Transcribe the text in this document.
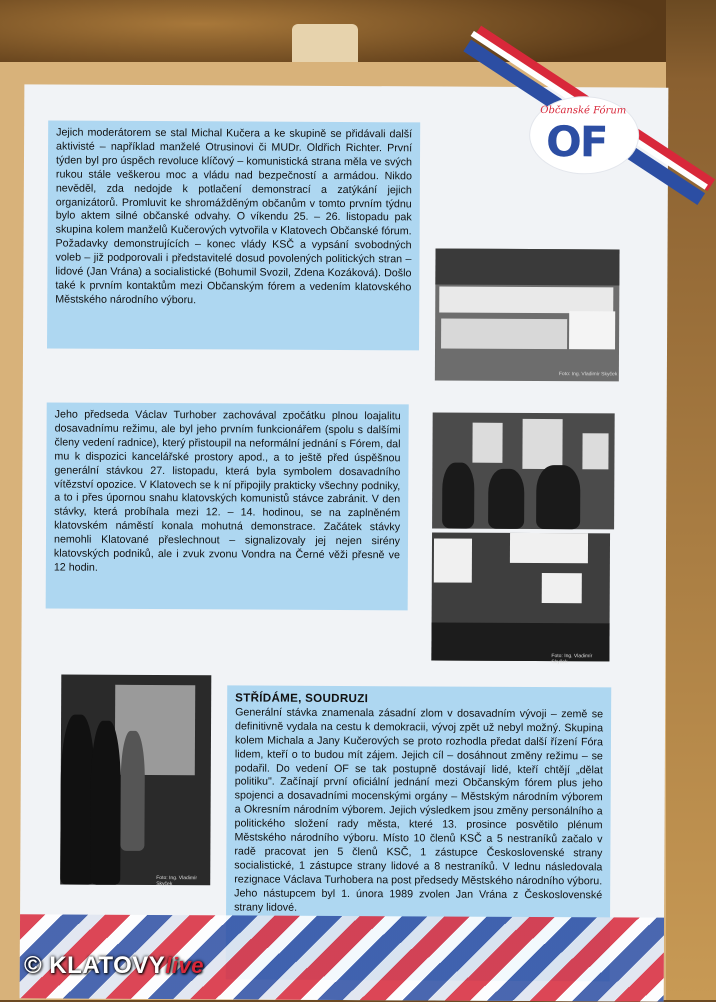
Občanské Fórum
OF
Jejich moderátorem se stal Michal Kučera a ke skupině se přidávali další aktivisté – například manželé Otrusinovi či MUDr. Oldřich Richter. První týden byl pro úspěch revoluce klíčový – komunistická strana měla ve svých rukou stále veškerou moc a vládu nad bezpečností a armádou. Nikdo nevěděl, zda nedojde k potlačení demonstrací a zatýkání jejich organizátorů. Promluvit ke shromážděným občanům v tomto prvním týdnu bylo aktem silné občanské odvahy. O víkendu 25. – 26. listopadu pak skupina kolem manželů Kučerových vytvořila v Klatovech Občanské fórum. Požadavky demonstrujících – konec vlády KSČ a vypsání svobodných voleb – již podporovali i představitelé dosud povolených politických stran – lidové (Jan Vrána) a socialistické (Bohumil Svozil, Zdena Kozáková). Došlo také k prvním kontaktům mezi Občanským fórem a vedením klatovského Městského národního výboru.
Foto: Ing. Vladimír Skyček
Jeho předseda Václav Turhober zachovával zpočátku plnou loajalitu dosavadnímu režimu, ale byl jeho prvním funkcionářem (spolu s dalšími členy vedení radnice), který přistoupil na neformální jednání s Fórem, dal mu k dispozici kancelářské prostory apod., a to ještě před úspěšnou generální stávkou 27. listopadu, která byla symbolem dosavadního vítězství opozice. V Klatovech se k ní připojily prakticky všechny podniky, a to i přes úpornou snahu klatovských komunistů stávce zabránit. V den stávky, která probíhala mezi 12. – 14. hodinou, se na zaplněném klatovském náměstí konala mohutná demonstrace. Začátek stávky nemohli Klatované přeslechnout – signalizovaly jej nejen sirény klatovských podniků, ale i zvuk zvonu Vondra na Černé věži přesně ve 12 hodin.
Foto: Ing. Vladimír Skyček
Foto: Ing. Vladimír Skyček
STŘÍDÁME, SOUDRUZI
Generální stávka znamenala zásadní zlom v dosavadním vývoji – země se definitivně vydala na cestu k demokracii, vývoj zpět už nebyl možný. Skupina kolem Michala a Jany Kučerových se proto rozhodla předat další řízení Fóra lidem, kteří o to budou mít zájem. Jejich cíl – dosáhnout změny režimu – se podařil. Do vedení OF se tak postupně dostávají lidé, kteří chtějí „dělat politiku". Začínají první oficiální jednání mezi Občanským fórem plus jeho spojenci a dosavadními mocenskými orgány – Městským národním výborem a Okresním národním výborem. Jejich výsledkem jsou změny personálního a politického složení rady města, které 13. prosince posvětilo plénum Městského národního výboru. Místo 10 členů KSČ a 5 nestraníků začalo v radě pracovat jen 5 členů KSČ, 1 zástupce Československé strany socialistické, 1 zástupce strany lidové a 8 nestraníků. V lednu následovala rezignace Václava Turhobera na post předsedy Městského národního výboru. Jeho nástupcem byl 1. února 1989 zvolen Jan Vrána z Československé strany lidové.
© KLATOVYlive
